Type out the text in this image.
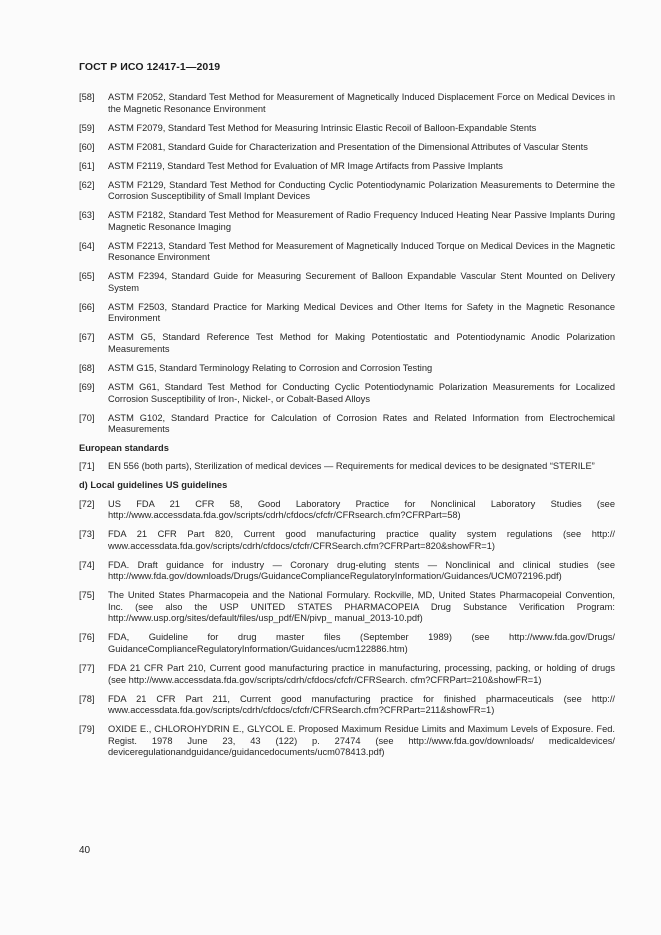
ГОСТ Р ИСО 12417-1—2019
[58]	ASTM F2052, Standard Test Method for Measurement of Magnetically Induced Displacement Force on Medical Devices in the Magnetic Resonance Environment
[59]	ASTM F2079, Standard Test Method for Measuring Intrinsic Elastic Recoil of Balloon-Expandable Stents
[60]	ASTM F2081, Standard Guide for Characterization and Presentation of the Dimensional Attributes of Vascular Stents
[61]	ASTM F2119, Standard Test Method for Evaluation of MR Image Artifacts from Passive Implants
[62]	ASTM F2129, Standard Test Method for Conducting Cyclic Potentiodynamic Polarization Measurements to Determine the Corrosion Susceptibility of Small Implant Devices
[63]	ASTM F2182, Standard Test Method for Measurement of Radio Frequency Induced Heating Near Passive Implants During Magnetic Resonance Imaging
[64]	ASTM F2213, Standard Test Method for Measurement of Magnetically Induced Torque on Medical Devices in the Magnetic Resonance Environment
[65]	ASTM F2394, Standard Guide for Measuring Securement of Balloon Expandable Vascular Stent Mounted on Delivery System
[66]	ASTM F2503, Standard Practice for Marking Medical Devices and Other Items for Safety in the Magnetic Resonance Environment
[67]	ASTM G5, Standard Reference Test Method for Making Potentiostatic and Potentiodynamic Anodic Polarization Measurements
[68]	ASTM G15, Standard Terminology Relating to Corrosion and Corrosion Testing
[69]	ASTM G61, Standard Test Method for Conducting Cyclic Potentiodynamic Polarization Measurements for Localized Corrosion Susceptibility of Iron-, Nickel-, or Cobalt-Based Alloys
[70]	ASTM G102, Standard Practice for Calculation of Corrosion Rates and Related Information from Electrochemical Measurements
European standards
[71]	EN 556 (both parts), Sterilization of medical devices — Requirements for medical devices to be designated “STERILE”
d) Local guidelines US guidelines
[72]	US FDA 21 CFR 58, Good Laboratory Practice for Nonclinical Laboratory Studies (see http://www.accessdata.fda.gov/scripts/cdrh/cfdocs/cfcfr/CFRsearch.cfm?CFRPart=58)
[73]	FDA 21 CFR Part 820, Current good manufacturing practice quality system regulations (see http:// www.accessdata.fda.gov/scripts/cdrh/cfdocs/cfcfr/CFRSearch.cfm?CFRPart=820&showFR=1)
[74]	FDA. Draft guidance for industry — Coronary drug-eluting stents — Nonclinical and clinical studies (see http://www.fda.gov/downloads/Drugs/GuidanceComplianceRegulatoryInformation/Guidances/UCM072196.pdf)
[75]	The United States Pharmacopeia and the National Formulary. Rockville, MD, United States Pharmacopeial Convention, Inc. (see also the USP UNITED STATES PHARMACOPEIA Drug Substance Verification Program: http://www.usp.org/sites/default/files/usp_pdf/EN/pivp_ manual_2013-10.pdf)
[76]	FDA, Guideline for drug master files (September 1989) (see http://www.fda.gov/Drugs/ GuidanceComplianceRegulatoryInformation/Guidances/ucm122886.htm)
[77]	FDA 21 CFR Part 210, Current good manufacturing practice in manufacturing, processing, packing, or holding of drugs (see http://www.accessdata.fda.gov/scripts/cdrh/cfdocs/cfcfr/CFRSearch. cfm?CFRPart=210&showFR=1)
[78]	FDA 21 CFR Part 211, Current good manufacturing practice for finished pharmaceuticals (see http:// www.accessdata.fda.gov/scripts/cdrh/cfdocs/cfcfr/CFRSearch.cfm?CFRPart=211&showFR=1)
[79]	OXIDE E., CHLOROHYDRIN E., GLYCOL E. Proposed Maximum Residue Limits and Maximum Levels of Exposure. Fed. Regist. 1978 June 23, 43 (122) p. 27474 (see http://www.fda.gov/downloads/ medicaldevices/ deviceregulationandguidance/guidancedocuments/ucm078413.pdf)
40
